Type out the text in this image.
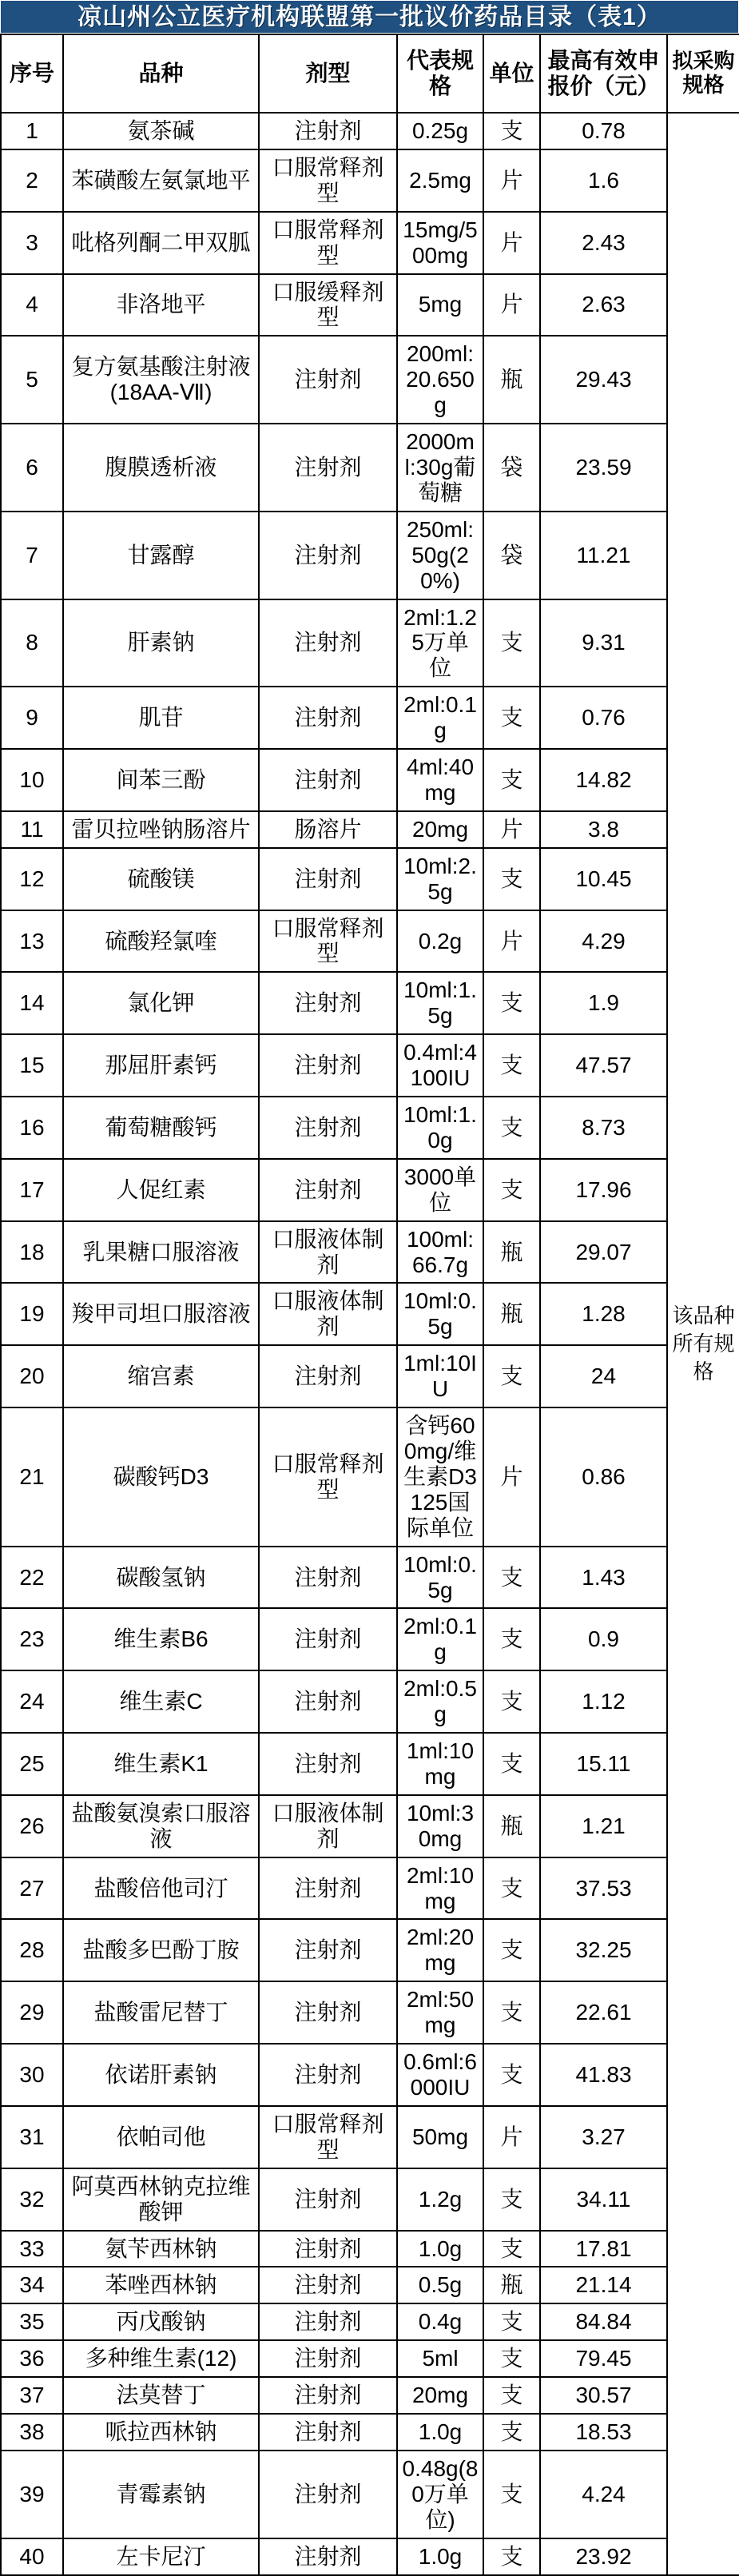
凉山州公立医疗机构联盟第一批议价药品目录（表1）
序号	品种	剂型	代表规格	单位	最高有效申报价（元）	拟采购规格
1	氨茶碱	注射剂	0.25g	支	0.78	该品种所有规格
2	苯磺酸左氨氯地平	口服常释剂型	2.5mg	片	1.6	
3	吡格列酮二甲双胍	口服常释剂型	15mg/500mg	片	2.43	
4	非洛地平	口服缓释剂型	5mg	片	2.63	
5	复方氨基酸注射液(18AA-Ⅶ)	注射剂	200ml:20.650g	瓶	29.43	
6	腹膜透析液	注射剂	2000ml:30g葡萄糖	袋	23.59	
7	甘露醇	注射剂	250ml:50g(20%)	袋	11.21	
8	肝素钠	注射剂	2ml:1.25万单位	支	9.31	
9	肌苷	注射剂	2ml:0.1g	支	0.76	
10	间苯三酚	注射剂	4ml:40mg	支	14.82	
11	雷贝拉唑钠肠溶片	肠溶片	20mg	片	3.8	
12	硫酸镁	注射剂	10ml:2.5g	支	10.45	
13	硫酸羟氯喹	口服常释剂型	0.2g	片	4.29	
14	氯化钾	注射剂	10ml:1.5g	支	1.9	
15	那屈肝素钙	注射剂	0.4ml:4100IU	支	47.57	
16	葡萄糖酸钙	注射剂	10ml:1.0g	支	8.73	
17	人促红素	注射剂	3000单位	支	17.96	
18	乳果糖口服溶液	口服液体制剂	100ml:66.7g	瓶	29.07	
19	羧甲司坦口服溶液	口服液体制剂	10ml:0.5g	瓶	1.28	
20	缩宫素	注射剂	1ml:10IU	支	24	
21	碳酸钙D3	口服常释剂型	含钙600mg/维生素D3125国际单位	片	0.86	
22	碳酸氢钠	注射剂	10ml:0.5g	支	1.43	
23	维生素B6	注射剂	2ml:0.1g	支	0.9	
24	维生素C	注射剂	2ml:0.5g	支	1.12	
25	维生素K1	注射剂	1ml:10mg	支	15.11	
26	盐酸氨溴索口服溶液	口服液体制剂	10ml:30mg	瓶	1.21	
27	盐酸倍他司汀	注射剂	2ml:10mg	支	37.53	
28	盐酸多巴酚丁胺	注射剂	2ml:20mg	支	32.25	
29	盐酸雷尼替丁	注射剂	2ml:50mg	支	22.61	
30	依诺肝素钠	注射剂	0.6ml:6000IU	支	41.83	
31	依帕司他	口服常释剂型	50mg	片	3.27	
32	阿莫西林钠克拉维酸钾	注射剂	1.2g	支	34.11	
33	氨苄西林钠	注射剂	1.0g	支	17.81	
34	苯唑西林钠	注射剂	0.5g	瓶	21.14	
35	丙戊酸钠	注射剂	0.4g	支	84.84	
36	多种维生素(12)	注射剂	5ml	支	79.45	
37	法莫替丁	注射剂	20mg	支	30.57	
38	哌拉西林钠	注射剂	1.0g	支	18.53	
39	青霉素钠	注射剂	0.48g(80万单位)	支	4.24	
40	左卡尼汀	注射剂	1.0g	支	23.92	
